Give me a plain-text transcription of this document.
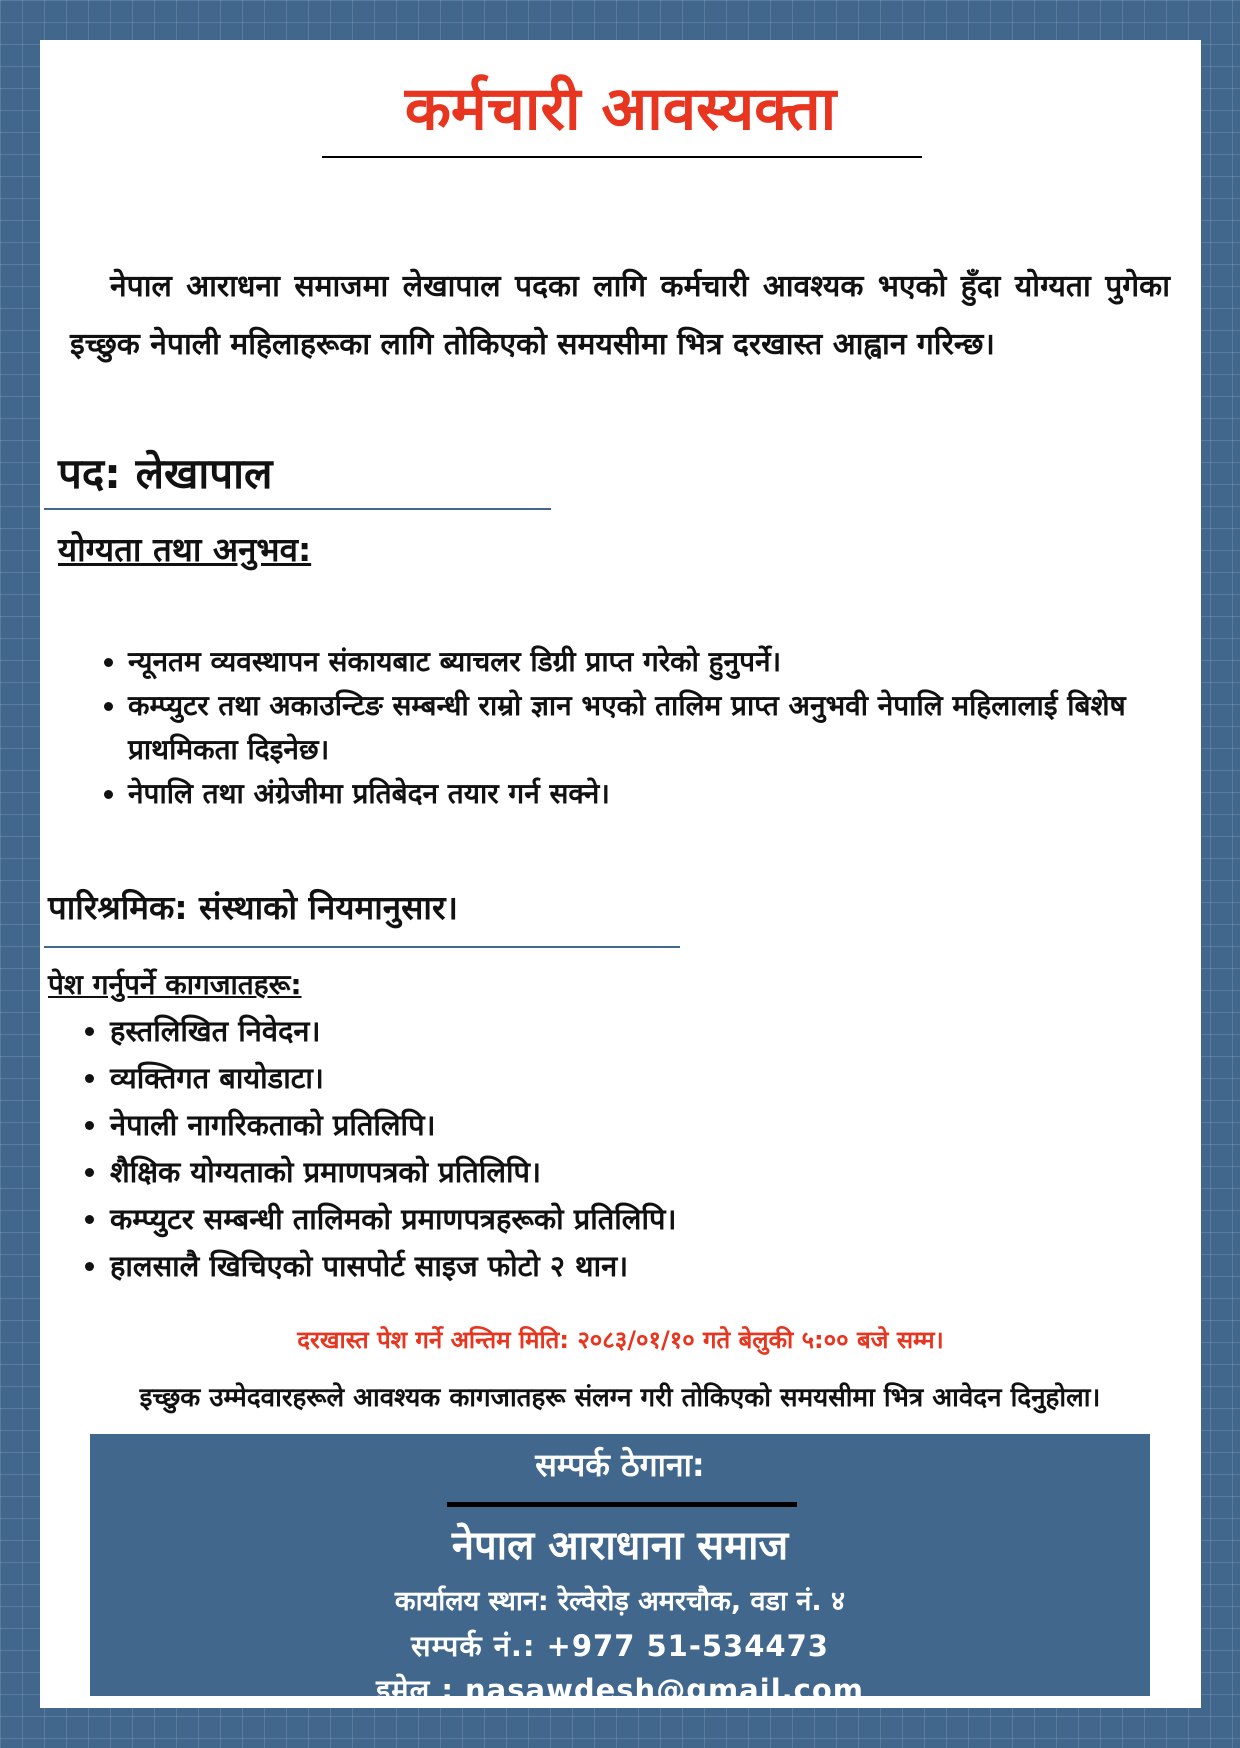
कर्मचारी आवस्यक्ता

नेपाल आराधना समाजमा लेखापाल पदका लागि कर्मचारी आवश्यक भएको हुँदा योग्यता पुगेका इच्छुक नेपाली महिलाहरूका लागि तोकिएको समयसीमा भित्र दरखास्त आह्वान गरिन्छ।

पद: लेखापाल
योग्यता तथा अनुभव:
• न्यूनतम व्यवस्थापन संकायबाट ब्याचलर डिग्री प्राप्त गरेको हुनुपर्ने।
• कम्प्युटर तथा अकाउन्टिङ सम्बन्धी राम्रो ज्ञान भएको तालिम प्राप्त अनुभवी नेपालि महिलालाई बिशेष प्राथमिकता दिइनेछ।
• नेपालि तथा अंग्रेजीमा प्रतिबेदन तयार गर्न सक्ने।
पारिश्रमिक: संस्थाको नियमानुसार।
पेश गर्नुपर्ने कागजातहरू:
• हस्तलिखित निवेदन।
• व्यक्तिगत बायोडाटा।
• नेपाली नागरिकताको प्रतिलिपि।
• शैक्षिक योग्यताको प्रमाणपत्रको प्रतिलिपि।
• कम्प्युटर सम्बन्धी तालिमको प्रमाणपत्रहरूको प्रतिलिपि।
• हालसालै खिचिएको पासपोर्ट साइज फोटो २ थान।

दरखास्त पेश गर्ने अन्तिम मिति: २०८३/०१/१० गते बेलुकी ५:०० बजे सम्म।

इच्छुक उम्मेदवारहरूले आवश्यक कागजातहरू संलग्न गरी तोकिएको समयसीमा भित्र आवेदन दिनुहोला।

सम्पर्क ठेगाना:

नेपाल आराधाना समाज

कार्यालय स्थान: रेल्वेरोड़ अमरचौक, वडा नं. ४

सम्पर्क नं.: +977 51-534473

इमेल : nasawdesh@gmail.com
